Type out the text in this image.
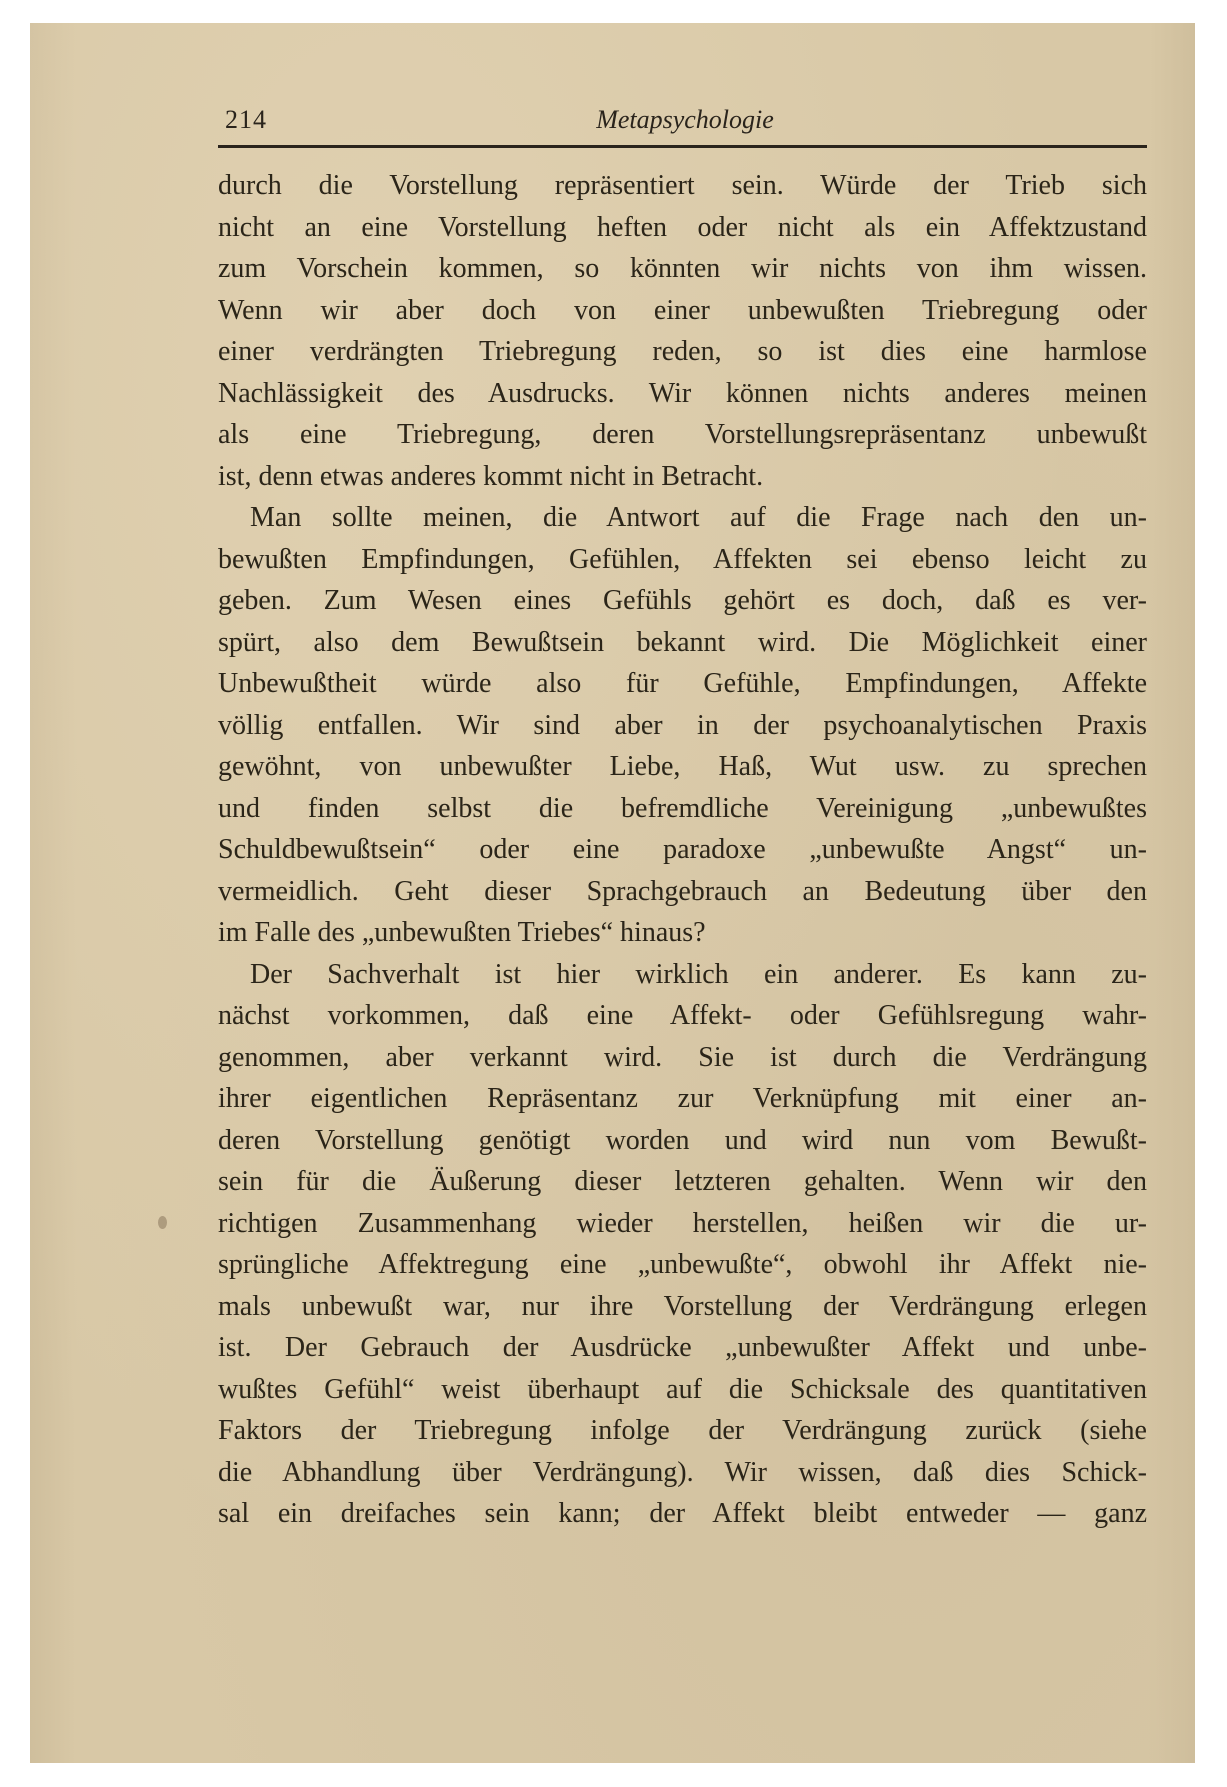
214	Metapsychologie
durch die Vorstellung repräsentiert sein. Würde der Trieb sich
nicht an eine Vorstellung heften oder nicht als ein Affektzustand
zum Vorschein kommen, so könnten wir nichts von ihm wissen.
Wenn wir aber doch von einer unbewußten Triebregung oder
einer verdrängten Triebregung reden, so ist dies eine harmlose
Nachlässigkeit des Ausdrucks. Wir können nichts anderes meinen
als eine Triebregung, deren Vorstellungsrepräsentanz unbewußt
ist, denn etwas anderes kommt nicht in Betracht.
Man sollte meinen, die Antwort auf die Frage nach den un-
bewußten Empfindungen, Gefühlen, Affekten sei ebenso leicht zu
geben. Zum Wesen eines Gefühls gehört es doch, daß es ver-
spürt, also dem Bewußtsein bekannt wird. Die Möglichkeit einer
Unbewußtheit würde also für Gefühle, Empfindungen, Affekte
völlig entfallen. Wir sind aber in der psychoanalytischen Praxis
gewöhnt, von unbewußter Liebe, Haß, Wut usw. zu sprechen
und finden selbst die befremdliche Vereinigung „unbewußtes
Schuldbewußtsein“ oder eine paradoxe „unbewußte Angst“ un-
vermeidlich. Geht dieser Sprachgebrauch an Bedeutung über den
im Falle des „unbewußten Triebes“ hinaus?
Der Sachverhalt ist hier wirklich ein anderer. Es kann zu-
nächst vorkommen, daß eine Affekt- oder Gefühlsregung wahr-
genommen, aber verkannt wird. Sie ist durch die Verdrängung
ihrer eigentlichen Repräsentanz zur Verknüpfung mit einer an-
deren Vorstellung genötigt worden und wird nun vom Bewußt-
sein für die Äußerung dieser letzteren gehalten. Wenn wir den
richtigen Zusammenhang wieder herstellen, heißen wir die ur-
sprüngliche Affektregung eine „unbewußte“, obwohl ihr Affekt nie-
mals unbewußt war, nur ihre Vorstellung der Verdrängung erlegen
ist. Der Gebrauch der Ausdrücke „unbewußter Affekt und unbe-
wußtes Gefühl“ weist überhaupt auf die Schicksale des quantitativen
Faktors der Triebregung infolge der Verdrängung zurück (siehe
die Abhandlung über Verdrängung). Wir wissen, daß dies Schick-
sal ein dreifaches sein kann; der Affekt bleibt entweder — ganz
